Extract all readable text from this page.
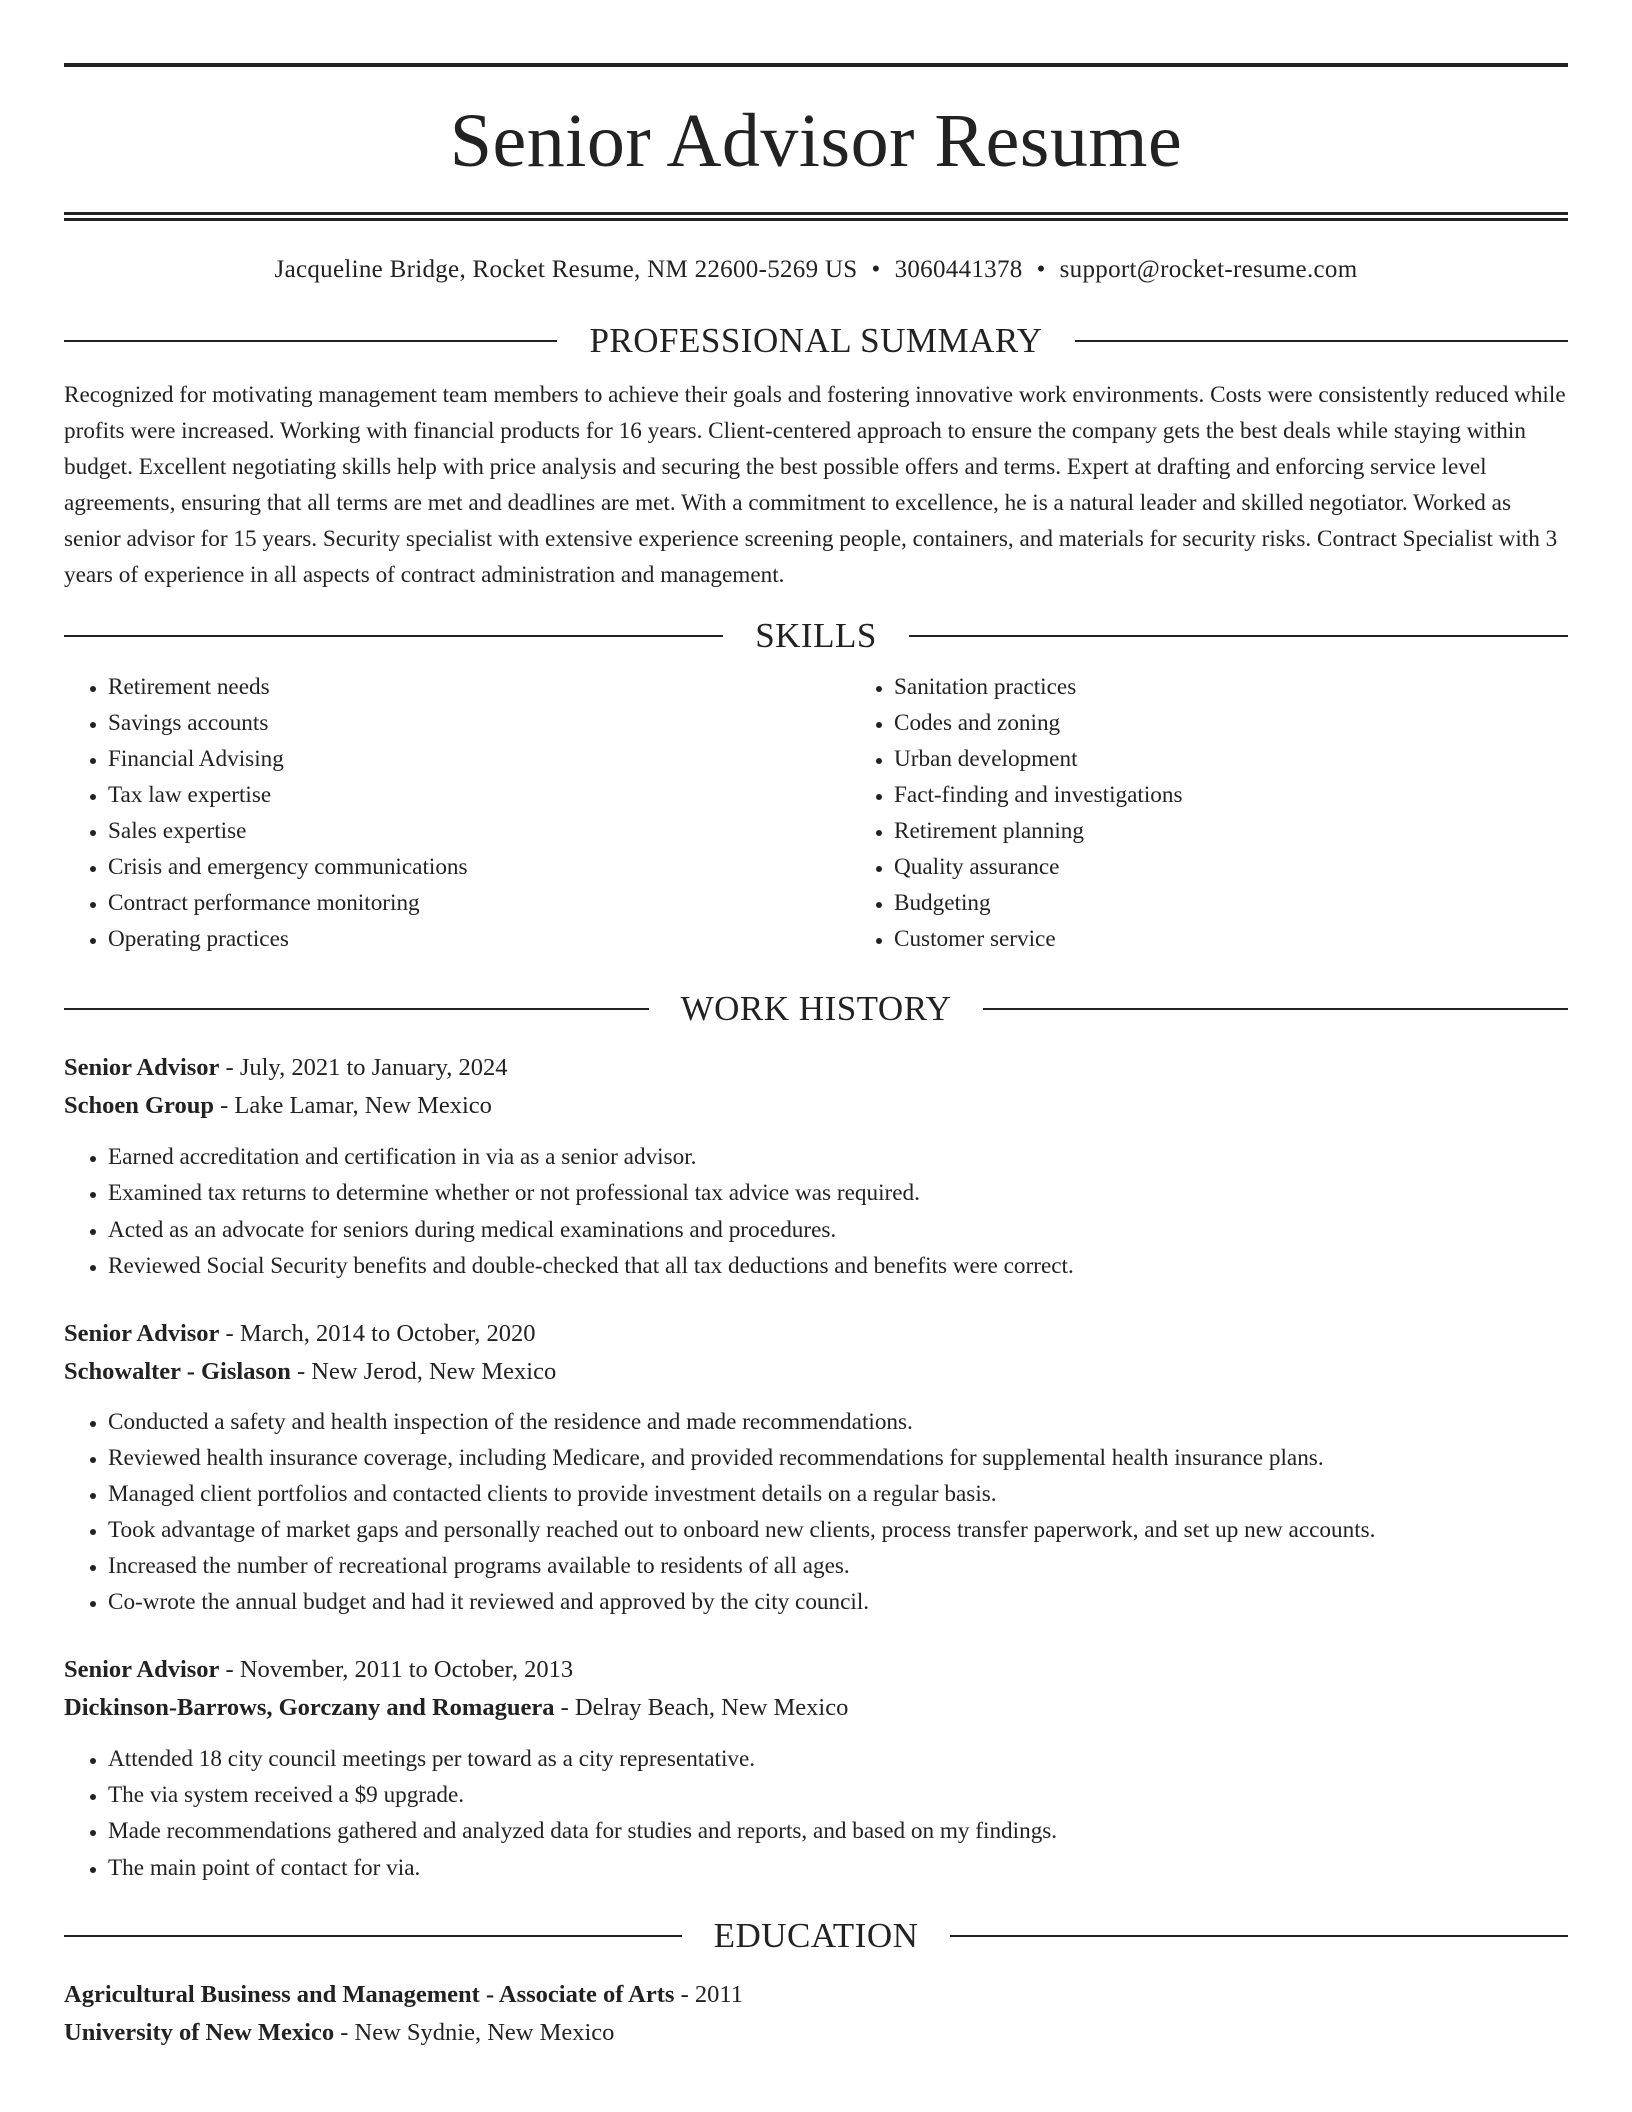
Senior Advisor Resume
Jacqueline Bridge, Rocket Resume, NM 22600-5269 US • 3060441378 • support@rocket-resume.com
PROFESSIONAL SUMMARY

Recognized for motivating management team members to achieve their goals and fostering innovative work environments. Costs were consistently reduced while profits were increased. Working with financial products for 16 years. Client-centered approach to ensure the company gets the best deals while staying within budget. Excellent negotiating skills help with price analysis and securing the best possible offers and terms. Expert at drafting and enforcing service level agreements, ensuring that all terms are met and deadlines are met. With a commitment to excellence, he is a natural leader and skilled negotiator. Worked as senior advisor for 15 years. Security specialist with extensive experience screening people, containers, and materials for security risks. Contract Specialist with 3 years of experience in all aspects of contract administration and management.

SKILLS
• Retirement needs
• Savings accounts
• Financial Advising
• Tax law expertise
• Sales expertise
• Crisis and emergency communications
• Contract performance monitoring
• Operating practices
• Sanitation practices
• Codes and zoning
• Urban development
• Fact-finding and investigations
• Retirement planning
• Quality assurance
• Budgeting
• Customer service
WORK HISTORY
Senior Advisor - July, 2021 to January, 2024
Schoen Group - Lake Lamar, New Mexico
• Earned accreditation and certification in via as a senior advisor.
• Examined tax returns to determine whether or not professional tax advice was required.
• Acted as an advocate for seniors during medical examinations and procedures.
• Reviewed Social Security benefits and double-checked that all tax deductions and benefits were correct.
Senior Advisor - March, 2014 to October, 2020
Schowalter - Gislason - New Jerod, New Mexico
• Conducted a safety and health inspection of the residence and made recommendations.
• Reviewed health insurance coverage, including Medicare, and provided recommendations for supplemental health insurance plans.
• Managed client portfolios and contacted clients to provide investment details on a regular basis.
• Took advantage of market gaps and personally reached out to onboard new clients, process transfer paperwork, and set up new accounts.
• Increased the number of recreational programs available to residents of all ages.
• Co-wrote the annual budget and had it reviewed and approved by the city council.
Senior Advisor - November, 2011 to October, 2013
Dickinson-Barrows, Gorczany and Romaguera - Delray Beach, New Mexico
• Attended 18 city council meetings per toward as a city representative.
• The via system received a $9 upgrade.
• Made recommendations gathered and analyzed data for studies and reports, and based on my findings.
• The main point of contact for via.
EDUCATION
Agricultural Business and Management - Associate of Arts - 2011
University of New Mexico - New Sydnie, New Mexico
